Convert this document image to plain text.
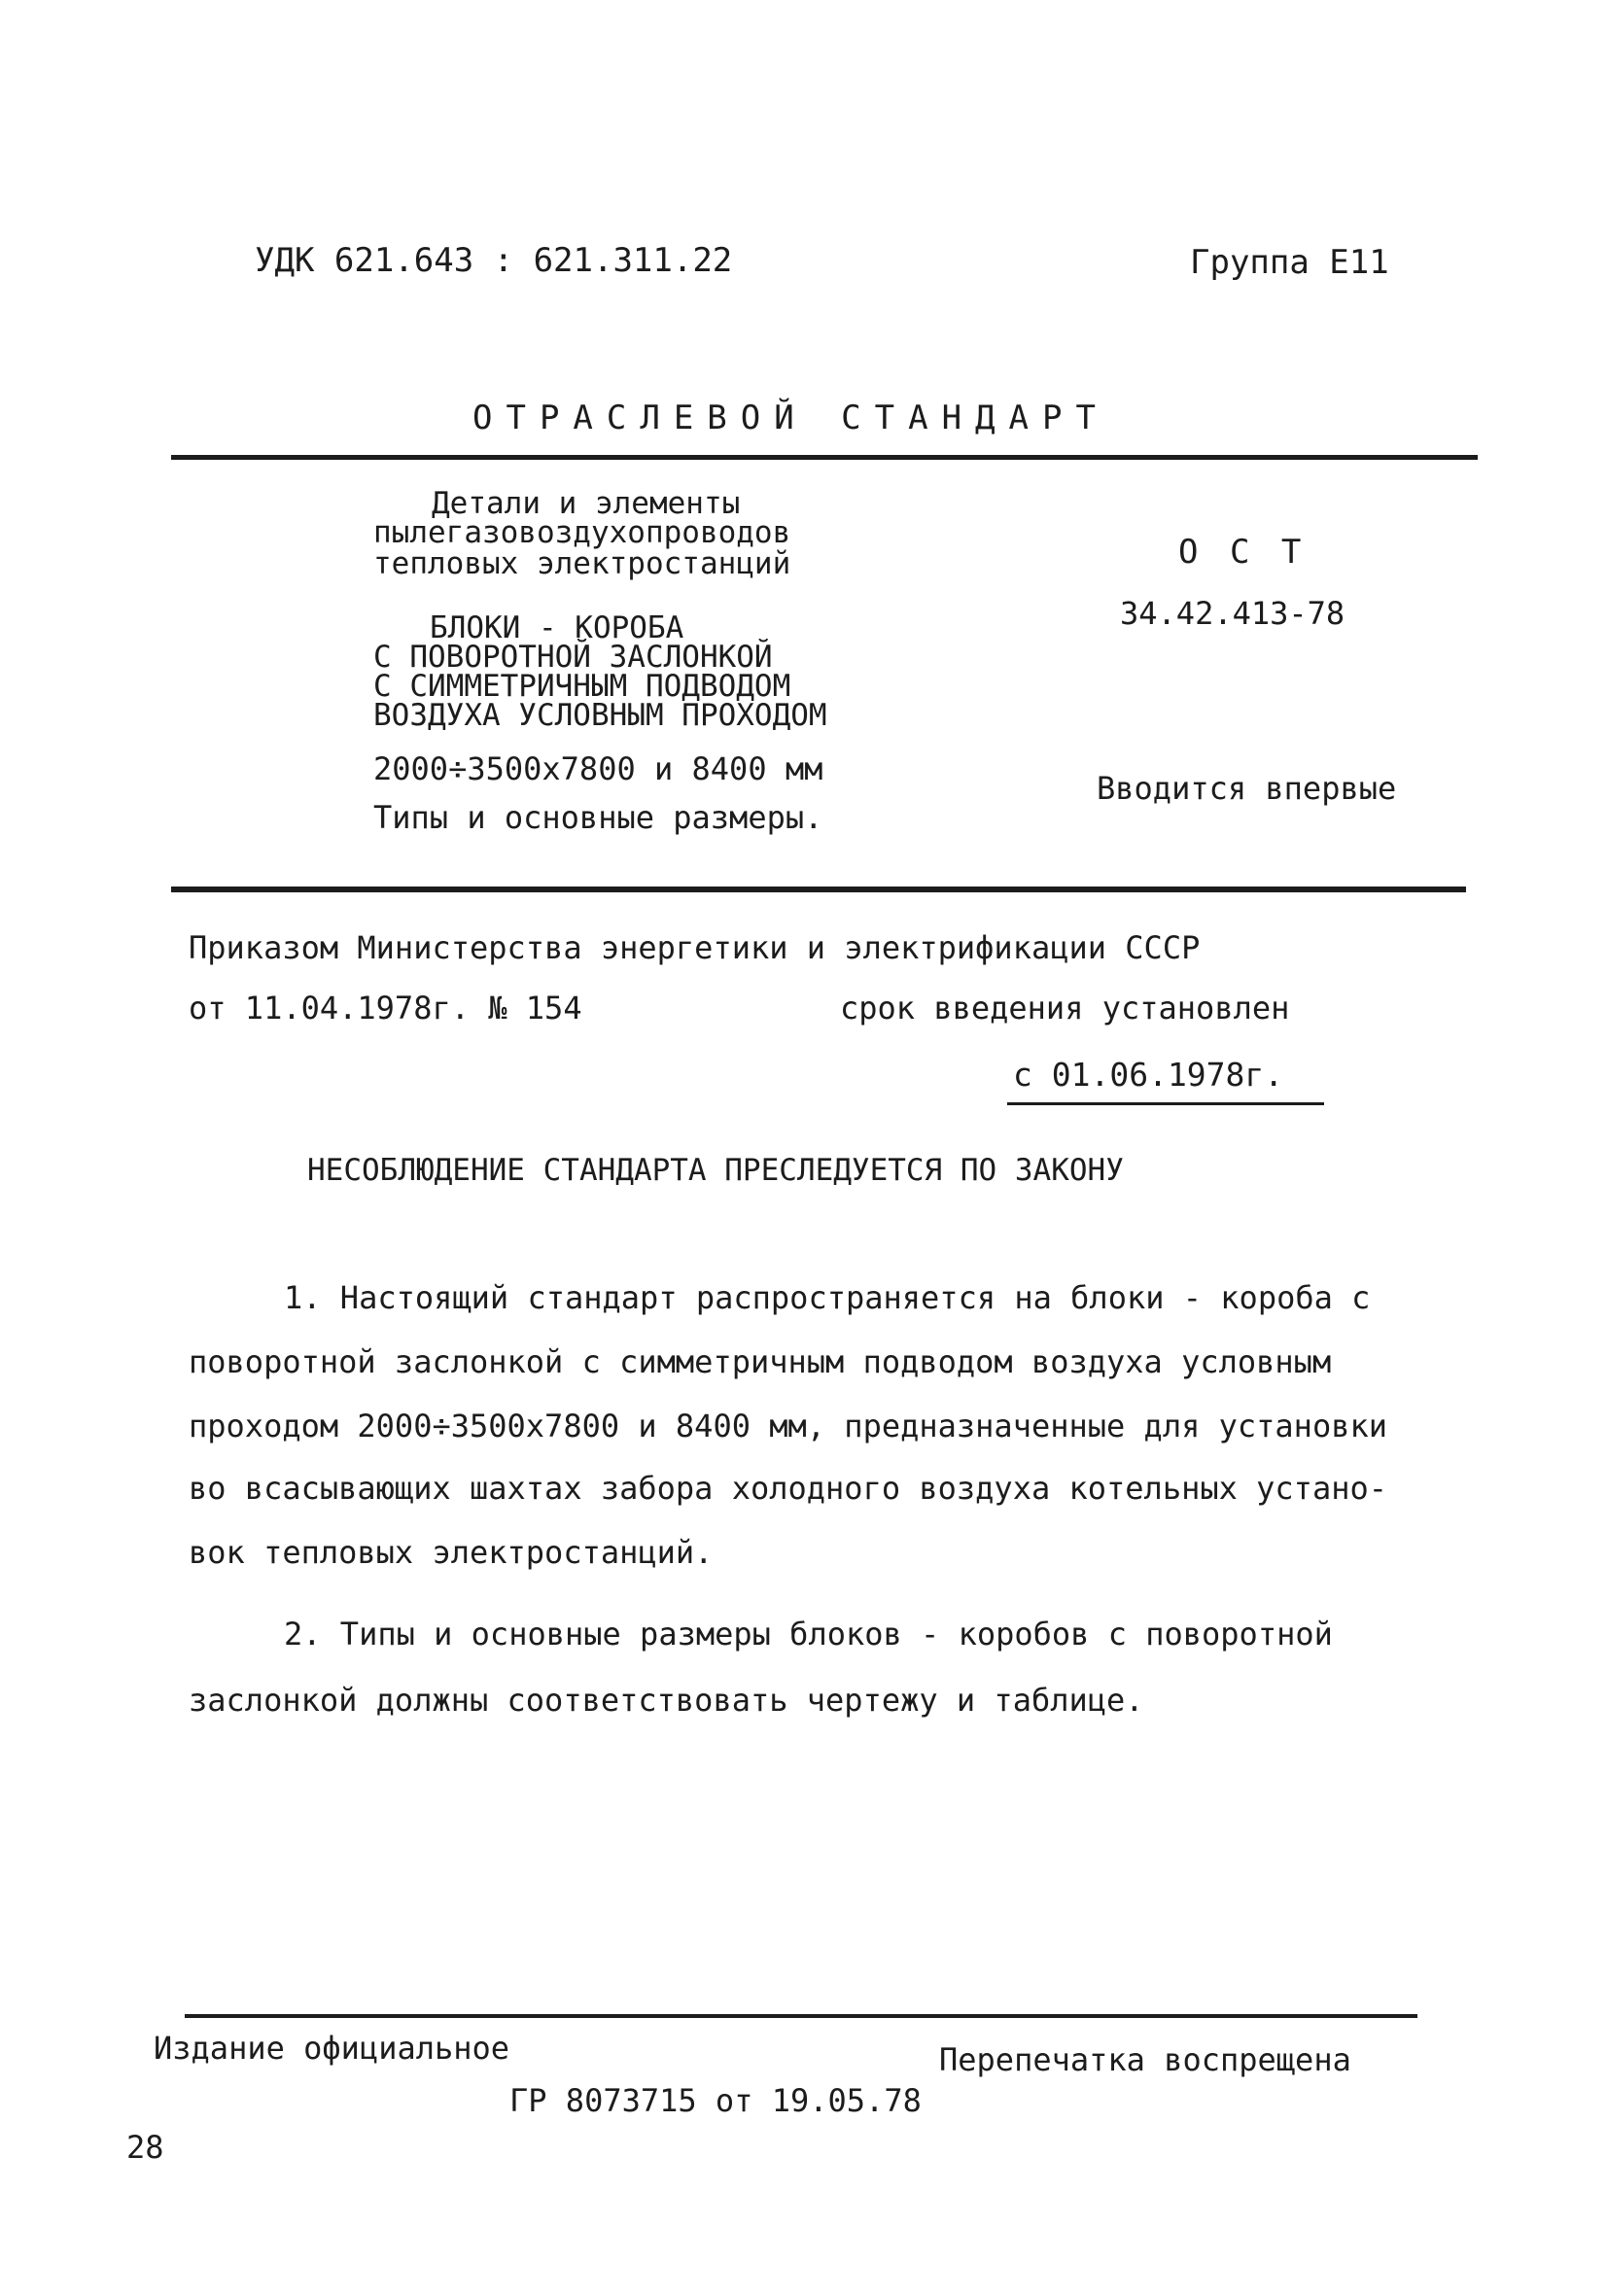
УДК 621.643 : 621.311.22	Группа Е11
ОТРАСЛЕВОЙ СТАНДАРТ
Детали и элементы
пылегазовоздухопроводов
тепловых электростанций
БЛОКИ - КОРОБА
С ПОВОРОТНОЙ ЗАСЛОНКОЙ
С СИММЕТРИЧНЫМ ПОДВОДОМ
ВОЗДУХА УСЛОВНЫМ ПРОХОДОМ
2000÷3500х7800 и 8400 мм
Типы и основные размеры.
О С Т
34.42.413-78
Вводится впервые
Приказом Министерства энергетики и электрификации СССР
от 11.04.1978г. № 154	срок введения установлен
с 01.06.1978г.
НЕСОБЛЮДЕНИЕ СТАНДАРТА ПРЕСЛЕДУЕТСЯ ПО ЗАКОНУ
1. Настоящий стандарт распространяется на блоки - короба с
поворотной заслонкой с симметричным подводом воздуха условным
проходом 2000÷3500х7800 и 8400 мм, предназначенные для установки
во всасывающих шахтах забора холодного воздуха котельных устано-
вок тепловых электростанций.
2. Типы и основные размеры блоков - коробов с поворотной
заслонкой должны соответствовать чертежу и таблице.
Издание официальное	Перепечатка воспрещена
ГР 8073715 от 19.05.78
28
